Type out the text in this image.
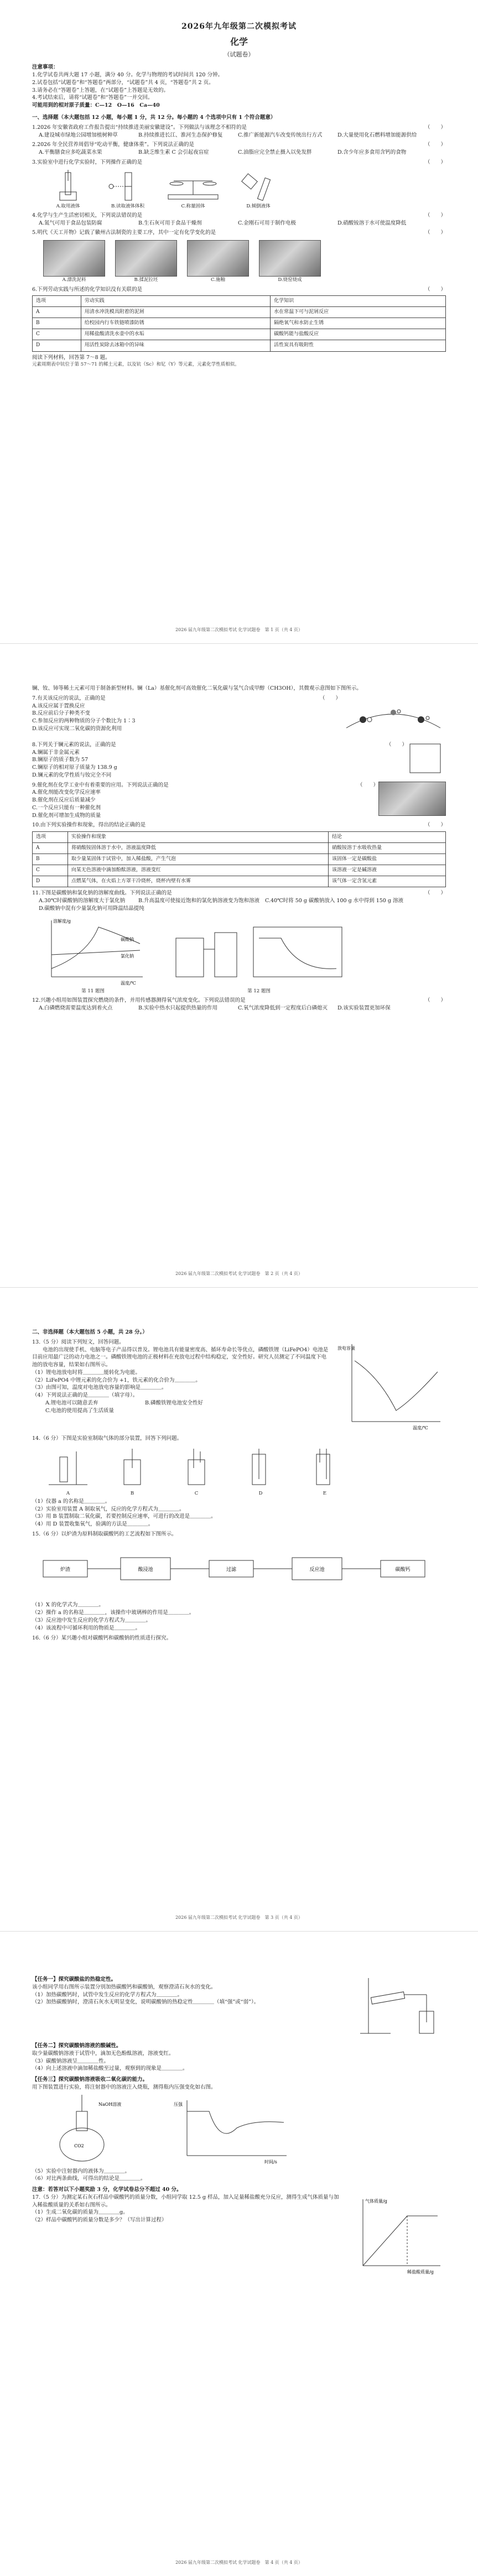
2026年九年级第二次模拟考试
化学
（试题卷）
注意事项：
1.化学试卷共两大题 17 小题，满分 40 分。化学与物理的考试时间共 120 分钟。
2.试卷包括“试题卷”和“答题卷”两部分，“试题卷”共 4 页，“答题卷”共 2 页。
3.请务必在“答题卷”上答题，在“试题卷”上答题是无效的。
4.考试结束后，请将“试题卷”和“答题卷”一并交回。
可能用到的相对原子质量：C—12　O—16　Ca—40
一、选择题（本大题包括 12 小题，每小题 1 分，共 12 分。每小题的 4 个选项中只有 1 个符合题意）
1.2026 年安徽省政府工作报告提出“持续推进美丽安徽建设”。下列做法与该理念不相符的是	（　　）
A.建设城市绿地公园增加植树种草	B.持续推进长江、淮河生态保护修复	C.推广新能源汽车改变传统出行方式	D.大量使用化石燃料增加能源供给
2.2026 年全民营养周倡导“吃动平衡，健康体重”。下列说法正确的是	（　　）
A.平衡膳食应多吃蔬菜水果	B.缺乏维生素 C 会引起夜盲症	C.油脂应完全禁止摄入以免发胖	D.含少年应多食用含钙的食物
3.实验室中进行化学实验时，下列操作正确的是	（　　）
A.取用液体	B.读取液体体积	C.称量固体	D.倾倒液体
4.化学与生产生活密切相关，下列说法错误的是	（　　）
A.氮气可用于食品包装防腐	B.生石灰可用于食品干燥剂	C.金刚石可用于制作电极	D.硝酸铵溶于水可使温度降低
5.明代《天工开物》记载了徽州古法制瓷的主要工序，其中一定有化学变化的是	（　　）
A.漂洗泥料	B.揉泥拉坯	C.施釉	D.烧窑烧成
6.下列劳动实践与所述的化学知识没有关联的是	（　　）
选项	劳动实践	化学知识
A	用清水冲洗模具附着的泥屑	水在常温下可与泥屑反应
B	给校园内行车铁链喷漆防锈	隔绝氧气和水防止生锈
C	用稀盐酸清洗水壶中的水垢	碳酸钙能与盐酸反应
D	用活性炭除去冰箱中的异味	活性炭具有吸附性
阅读下列材料，回答第 7～8 题。
元素周期表中钪位于第 57～71 的稀土元素，以及钪（Sc）和钇（Y）等元素，元素化学性质相似。
2026 届九年级第二次模拟考试 化学试题卷　第 1 页（共 4 页）
镧、钕、铈等稀土元素可用于制备新型材料。镧（La）基催化剂可高效催化二氧化碳与氢气合成甲醇（CH3OH），其微观示意图如下图所示。
7.有关该反应的说法，正确的是	（　　）
A.该反应属于置换反应
B.反应前后分子种类不变
C.参加反应的两种物质的分子个数比为 1∶3
D.该反应可实现二氧化碳的资源化利用
8.下列关于镧元素的说法，正确的是	（　　）
A.镧属于非金属元素
B.镧原子的质子数为 57
C.镧原子的相对原子质量为 138.9 g
D.镧元素的化学性质与钕完全不同
9.催化剂在化学工业中有着重要的应用。下列说法正确的是	（　　）
A.催化剂能改变化学反应速率
B.催化剂在反应后质量减少
C.一个反应只能有一种催化剂
D.催化剂可增加生成物的质量
10.由下列实验操作和现象，得出的结论正确的是	（　　）
选项	实验操作和现象	结论
A	将硝酸铵固体溶于水中，溶液温度降低	硝酸铵溶于水吸收热量
B	取少量某固体于试管中，加入稀盐酸，产生气泡	该固体一定是碳酸盐
C	向某无色溶液中滴加酚酞溶液，溶液变红	该溶液一定是碱溶液
D	点燃某气体，在火焰上方罩干冷烧杯，烧杯内壁有水雾	该气体一定含氢元素
11.下图是碳酸钠和氯化钠的溶解度曲线。下列说法正确的是	（　　）
A.30℃时碳酸钠的溶解度大于氯化钠	B.升高温度可使接近饱和的氯化钠溶液变为饱和溶液 C.40℃时将 50 g 碳酸钠放入 100 g 水中得到 150 g 溶液
D.碳酸钠中混有少量氯化钠可用降温结晶提纯
碳酸钠
氯化钠
溶解度/g
温度/℃
第 11 题图	第 12 题图
12.兴趣小组用如图装置探究燃烧的条件，并用传感器测得氧气浓度变化。下列说法错误的是	（　　）
A.白磷燃烧需要温度达到着火点	B.实验中热水只起提供热量的作用	C.氧气浓度降低到一定程度后白磷熄灭	D.该实验装置更加环保
2026 届九年级第二次模拟考试 化学试题卷　第 2 页（共 4 页）
二、非选择题（本大题包括 5 小题，共 28 分。）
13.（5 分）阅读下列短文，回答问题。
电池的出现使手机、电脑等电子产品得以普及。锂电池具有能量密度高、循环寿命长等优点，磷酸铁锂（LiFePO4）电池是目前应用最广泛的动力电池之一。磷酸铁锂电池的正极材料在充放电过程中结构稳定，安全性好。研究人员测定了不同温度下电池的放电容量，结果如右图所示。
（1）锂电池放电时将＿＿＿＿能转化为电能。
（2）LiFePO4 中锂元素的化合价为 +1，铁元素的化合价为＿＿＿＿。
（3）由图可知，温度对电池放电容量的影响是＿＿＿＿。
（4）下列说法正确的是＿＿＿＿（填字母）。
A.锂电池可以随意丢弃	B.磷酸铁锂电池安全性好
C.电池的使用提高了生活质量
放电容量
温度/℃
14.（6 分）下图是实验室制取气体的部分装置，回答下列问题。
A	B	C	D	E
（1）仪器 a 的名称是＿＿＿＿。
（2）实验室用装置 A 制取氧气，反应的化学方程式为＿＿＿＿。
（3）用 B 装置制取二氧化碳，若要控制反应速率，可进行的改进是＿＿＿＿。
（4）用 D 装置收集氧气，验满的方法是＿＿＿＿。
15.（6 分）以炉渣为原料制取碳酸钙的工艺流程如下图所示。
炉渣	酸浸池	过滤	反应池	碳酸钙
（1）X 的化学式为＿＿＿＿。
（2）操作 a 的名称是＿＿＿＿，该操作中玻璃棒的作用是＿＿＿＿。
（3）反应池中发生反应的化学方程式为＿＿＿＿。
（4）该流程中可循环利用的物质是＿＿＿＿。
16.（6 分）某兴趣小组对碳酸钙和碳酸钠的性质进行探究。
2026 届九年级第二次模拟考试 化学试题卷　第 3 页（共 4 页）
【任务一】探究碳酸盐的热稳定性。
该小组同学用右图所示装置分别加热碳酸钙和碳酸钠，观察澄清石灰水的变化。
（1）加热碳酸钙时，试管中发生反应的化学方程式为＿＿＿＿。
（2）加热碳酸钠时，澄清石灰水无明显变化，说明碳酸钠的热稳定性＿＿＿＿（填“强”或“弱”）。
【任务二】探究碳酸钠溶液的酸碱性。
取少量碳酸钠溶液于试管中，滴加无色酚酞溶液，溶液变红。
（3）碳酸钠溶液呈＿＿＿＿性。
（4）向上述溶液中滴加稀盐酸至过量，观察到的现象是＿＿＿＿。
【任务三】探究碳酸钠溶液吸收二氧化碳的能力。
用下图装置进行实验，将注射器中的溶液注入烧瓶，测得瓶内压强变化如右图。
NaOH溶液
CO2
压强
时间/s
（5）实验中注射器内的液体为＿＿＿＿。
（6）对比两条曲线，可得出的结论是＿＿＿＿。
注意：若答对以下小题奖励 3 分，化学试卷总分不超过 40 分。
17.（5 分）为测定某石灰石样品中碳酸钙的质量分数，小组同学取 12.5 g 样品，加入足量稀盐酸充分反应，测得生成气体质量与加入稀盐酸质量的关系如右图所示。
（1）生成二氧化碳的质量为＿＿＿＿g。
（2）样品中碳酸钙的质量分数是多少？（写出计算过程）
气体质量/g
稀盐酸质量/g
2026 届九年级第二次模拟考试 化学试题卷　第 4 页（共 4 页）
